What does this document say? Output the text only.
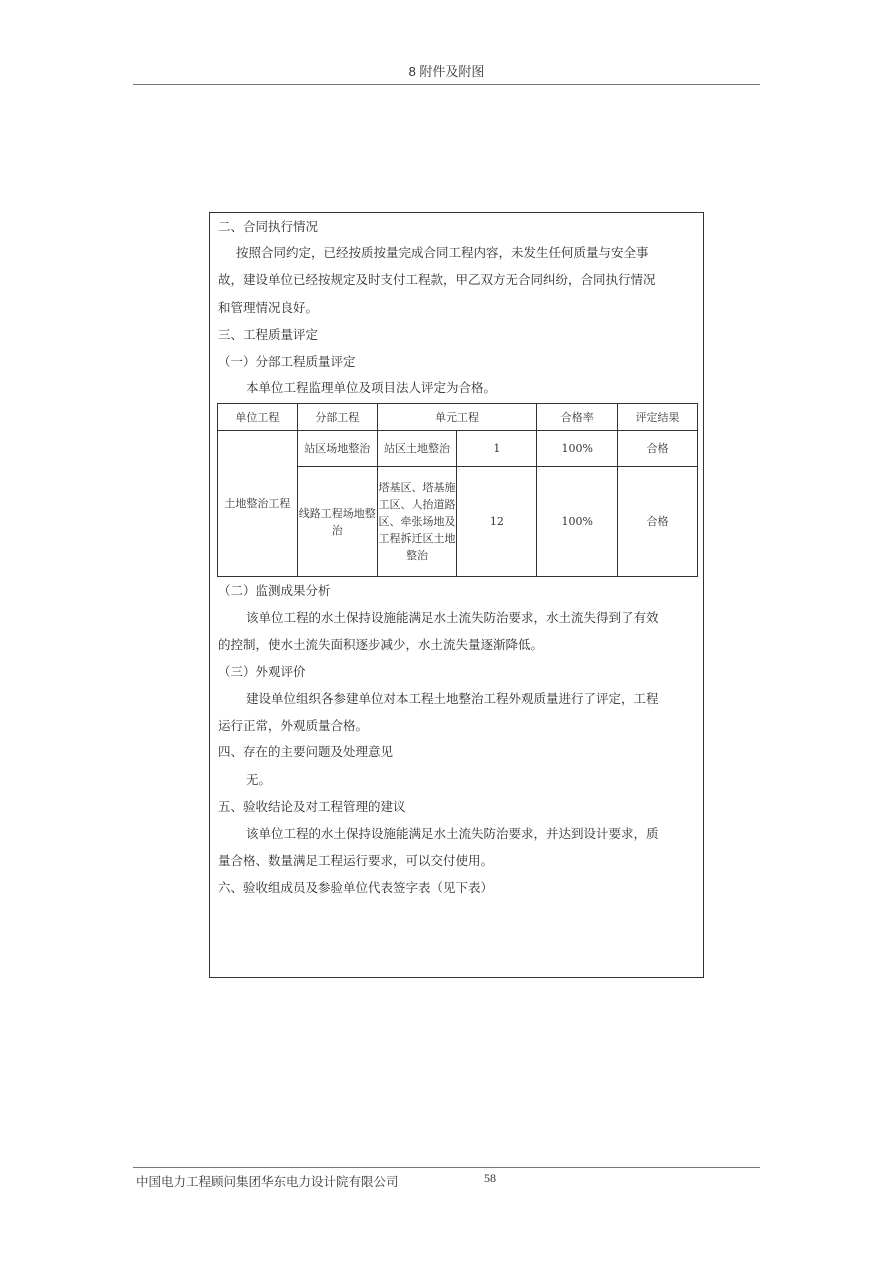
8 附件及附图
二、合同执行情况
按照合同约定，已经按质按量完成合同工程内容，未发生任何质量与安全事
故，建设单位已经按规定及时支付工程款，甲乙双方无合同纠纷，合同执行情况
和管理情况良好。
三、工程质量评定
（一）分部工程质量评定
本单位工程监理单位及项目法人评定为合格。
单位工程	分部工程	单元工程		合格率	评定结果
土地整治工程	站区场地整治	站区土地整治	1	100%	合格
	线路工程场地整治	塔基区、塔基施工区、人抬道路区、牵张场地及工程拆迁区土地整治	12	100%	合格
（二）监测成果分析
该单位工程的水土保持设施能满足水土流失防治要求，水土流失得到了有效
的控制，使水土流失面积逐步减少，水土流失量逐渐降低。
（三）外观评价
建设单位组织各参建单位对本工程土地整治工程外观质量进行了评定，工程
运行正常，外观质量合格。
四、存在的主要问题及处理意见
无。
五、验收结论及对工程管理的建议
该单位工程的水土保持设施能满足水土流失防治要求，并达到设计要求，质
量合格、数量满足工程运行要求，可以交付使用。
六、验收组成员及参验单位代表签字表（见下表）
中国电力工程顾问集团华东电力设计院有限公司	58
